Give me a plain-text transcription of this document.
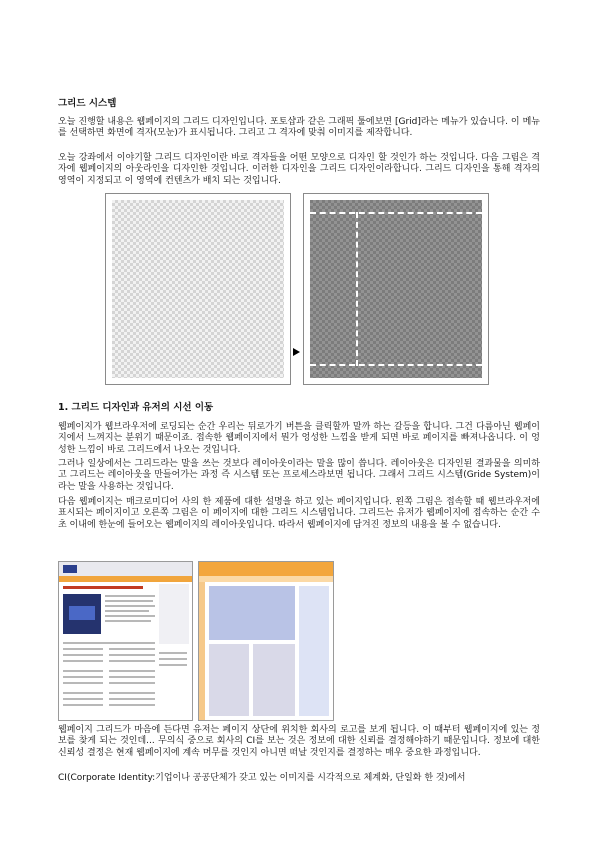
그리드 시스템

오늘 진행할 내용은 웹페이지의 그리드 디자인입니다. 포토샵과 같은 그래픽 툴에보면 [Grid]라는 메뉴가 있습니다. 이 메뉴를 선택하면 화면에 격자(모눈)가 표시됩니다. 그리고 그 격자에 맞춰 이미지를 제작합니다.

오늘 강좌에서 이야기할 그리드 디자인이란 바로 격자들을 어떤 모양으로 디자인 할 것인가 하는 것입니다. 다음 그림은 격자에 웹페이지의 아웃라인을 디자인한 것입니다. 이러한 디자인을 그리드 디자인이라합니다. 그리드 디자인을 통해 격자의 영역이 지정되고 이 영역에 컨텐츠가 배치 되는 것입니다.

1. 그리드 디자인과 유저의 시선 이동

웹페이지가 웹브라우저에 로딩되는 순간 우리는 뒤로가기 버튼을 클릭할까 말까 하는 갈등을 합니다. 그건 다름아닌 웹페이지에서 느껴지는 분위기 때문이죠. 접속한 웹페이지에서 뭔가 엉성한 느낌을 받게 되면 바로 페이지를 빠져나옵니다. 이 엉성한 느낌이 바로 그리드에서 나오는 것입니다.

그러나 일상에서는 그리드라는 말을 쓰는 것보다 레이아웃이라는 말을 많이 씁니다. 레이아웃은 디자인된 결과물을 의미하고 그리드는 레이아웃을 만들어가는 과정 즉 시스템 또는 프로세스라보면 됩니다. 그래서 그리드 시스템(Gride System)이라는 말을 사용하는 것입니다.

다음 웹페이지는 매크로미디어 사의 한 제품에 대한 설명을 하고 있는 페이지입니다. 왼쪽 그림은 접속할 때 웹브라우저에 표시되는 페이지이고 오른쪽 그림은 이 페이지에 대한 그리드 시스템입니다. 그리드는 유저가 웹페이지에 접속하는 순간 수초 이내에 한눈에 들어오는 웹페이지의 레이아웃입니다. 따라서 웹페이지에 담겨진 정보의 내용을 볼 수 없습니다.

웹페이지 그리드가 마음에 든다면 유저는 페이지 상단에 위치한 회사의 로고를 보게 됩니다. 이 때부터 웹페이지에 있는 정보를 찾게 되는 것인데... 무의식 중으로 회사의 CI를 보는 것은 정보에 대한 신뢰를 결정해야하기 때문입니다. 정보에 대한 신뢰성 결정은 현재 웹페이지에 계속 머무를 것인지 아니면 떠날 것인지를 결정하는 매우 중요한 과정입니다.

CI(Corporate Identity:기업이나 공공단체가 갖고 있는 이미지를 시각적으로 체계화, 단일화 한 것)에서
